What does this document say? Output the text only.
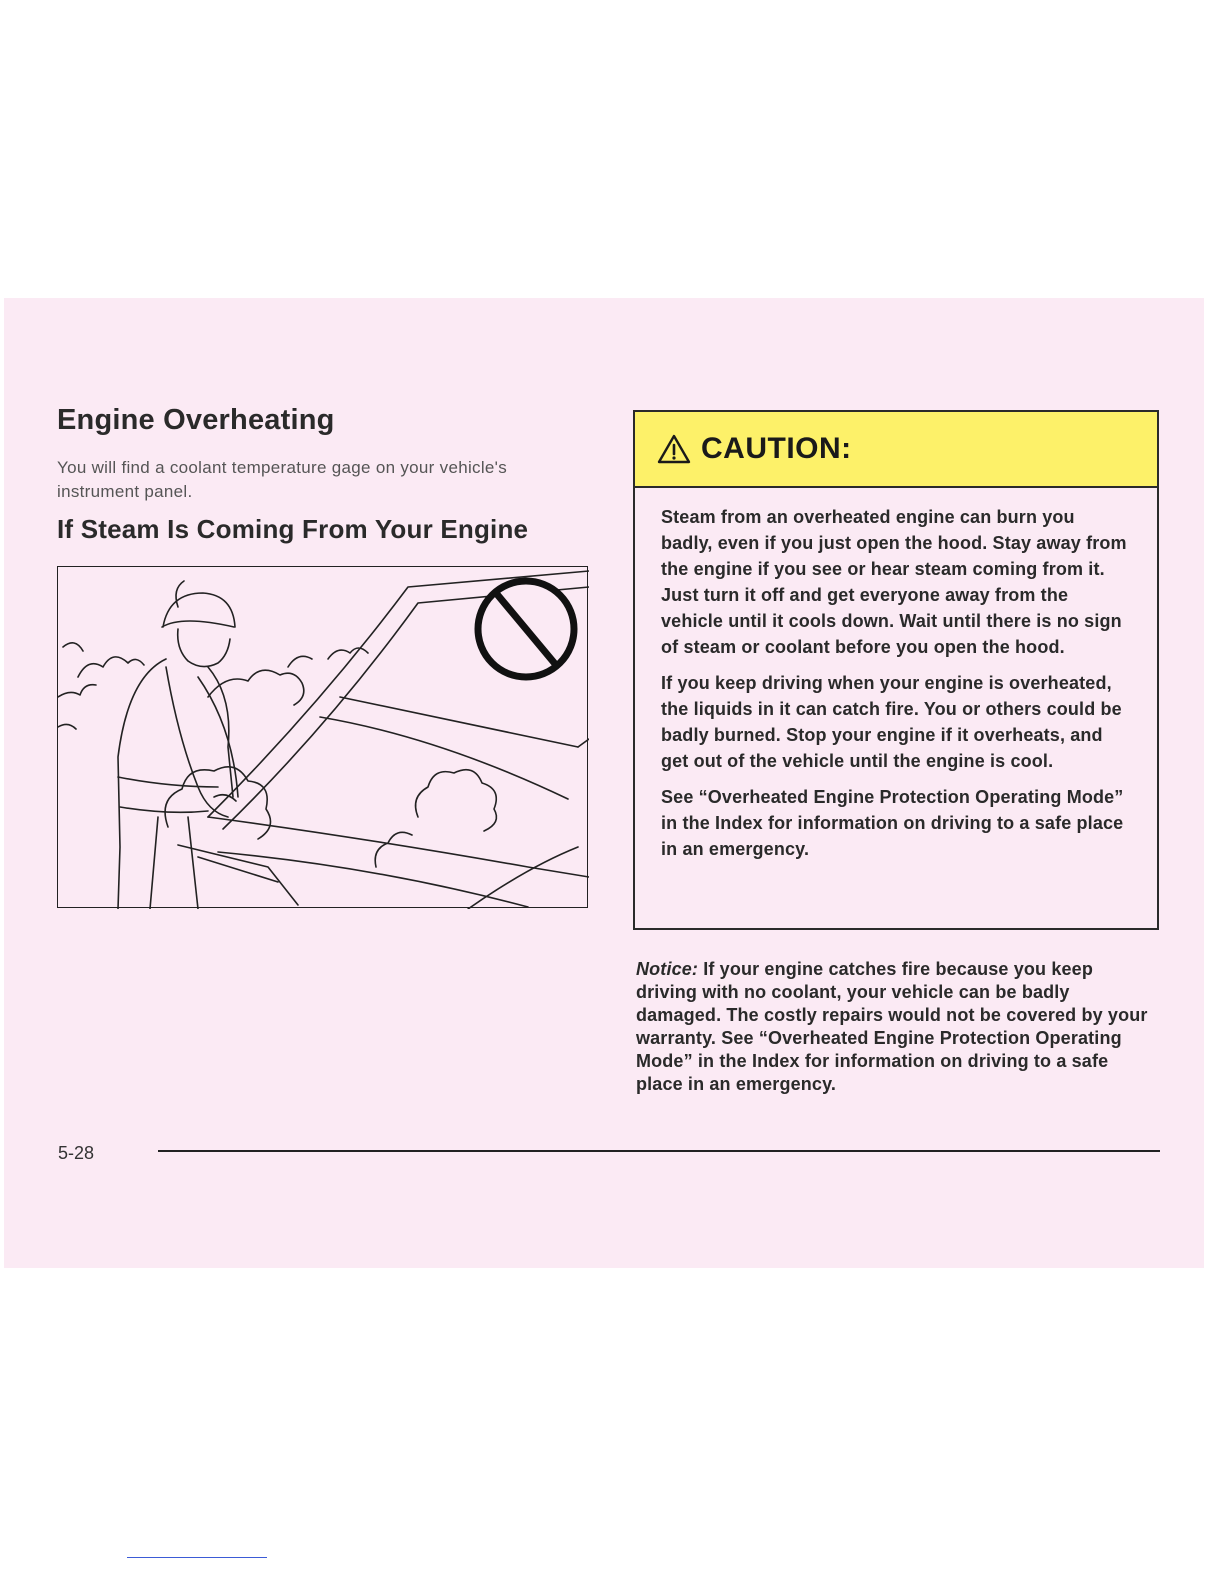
Engine Overheating

You will find a coolant temperature gage on your vehicle's instrument panel.

If Steam Is Coming From Your Engine
CAUTION:

Steam from an overheated engine can burn you badly, even if you just open the hood. Stay away from the engine if you see or hear steam coming from it. Just turn it off and get everyone away from the vehicle until it cools down. Wait until there is no sign of steam or coolant before you open the hood.

If you keep driving when your engine is overheated, the liquids in it can catch fire. You or others could be badly burned. Stop your engine if it overheats, and get out of the vehicle until the engine is cool.

See “Overheated Engine Protection Operating Mode” in the Index for information on driving to a safe place in an emergency.

Notice: If your engine catches fire because you keep driving with no coolant, your vehicle can be badly damaged. The costly repairs would not be covered by your warranty. See “Overheated Engine Protection Operating Mode” in the Index for information on driving to a safe place in an emergency.

5-28
